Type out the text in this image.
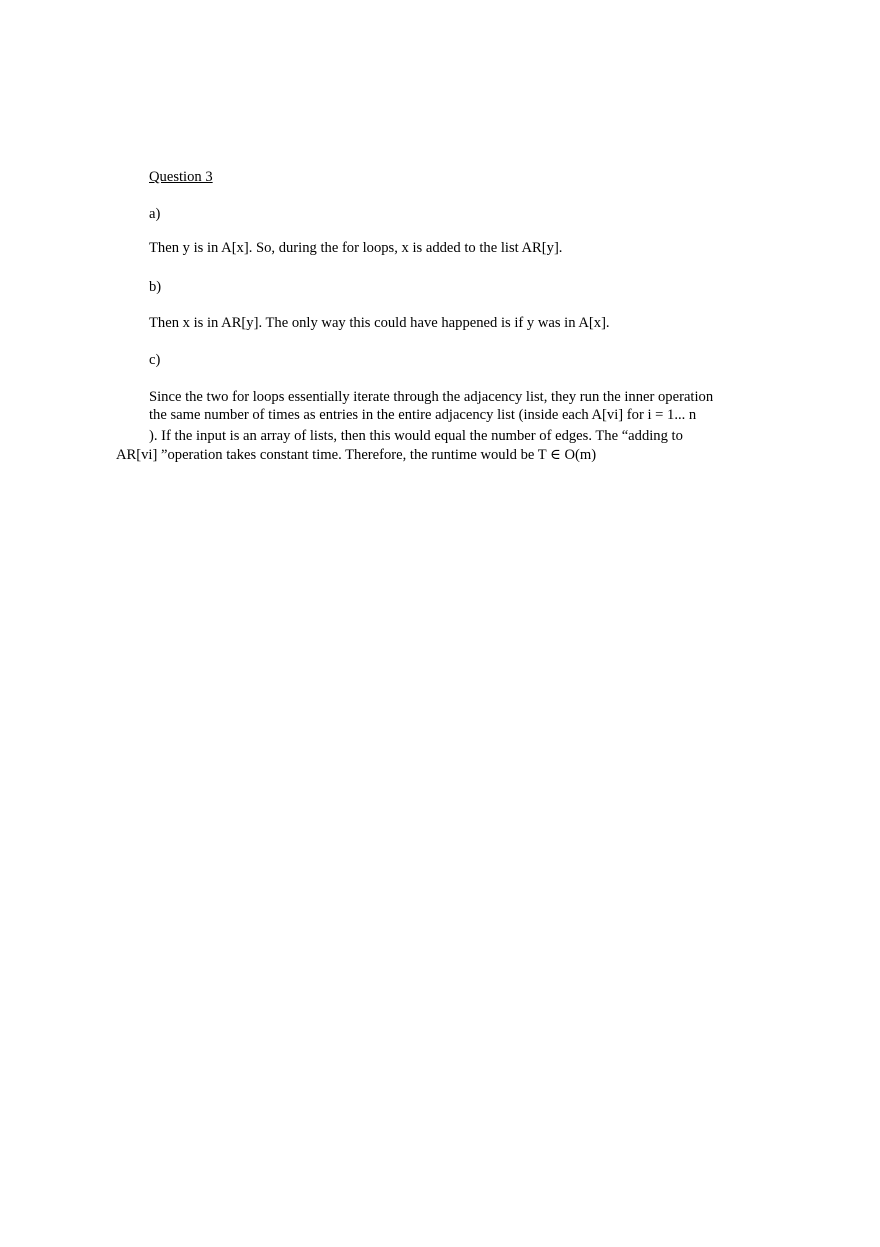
Question 3
a)
Then y is in A[x]. So, during the for loops, x is added to the list AR[y].
b)
Then x is in AR[y]. The only way this could have happened is if y was in A[x].
c)
Since the two for loops essentially iterate through the adjacency list, they run the inner operation
the same number of times as entries in the entire adjacency list (inside each A[vi] for i = 1... n
). If the input is an array of lists, then this would equal the number of edges. The “adding to
AR[vi] ”operation takes constant time. Therefore, the runtime would be T ∈ O(m)
